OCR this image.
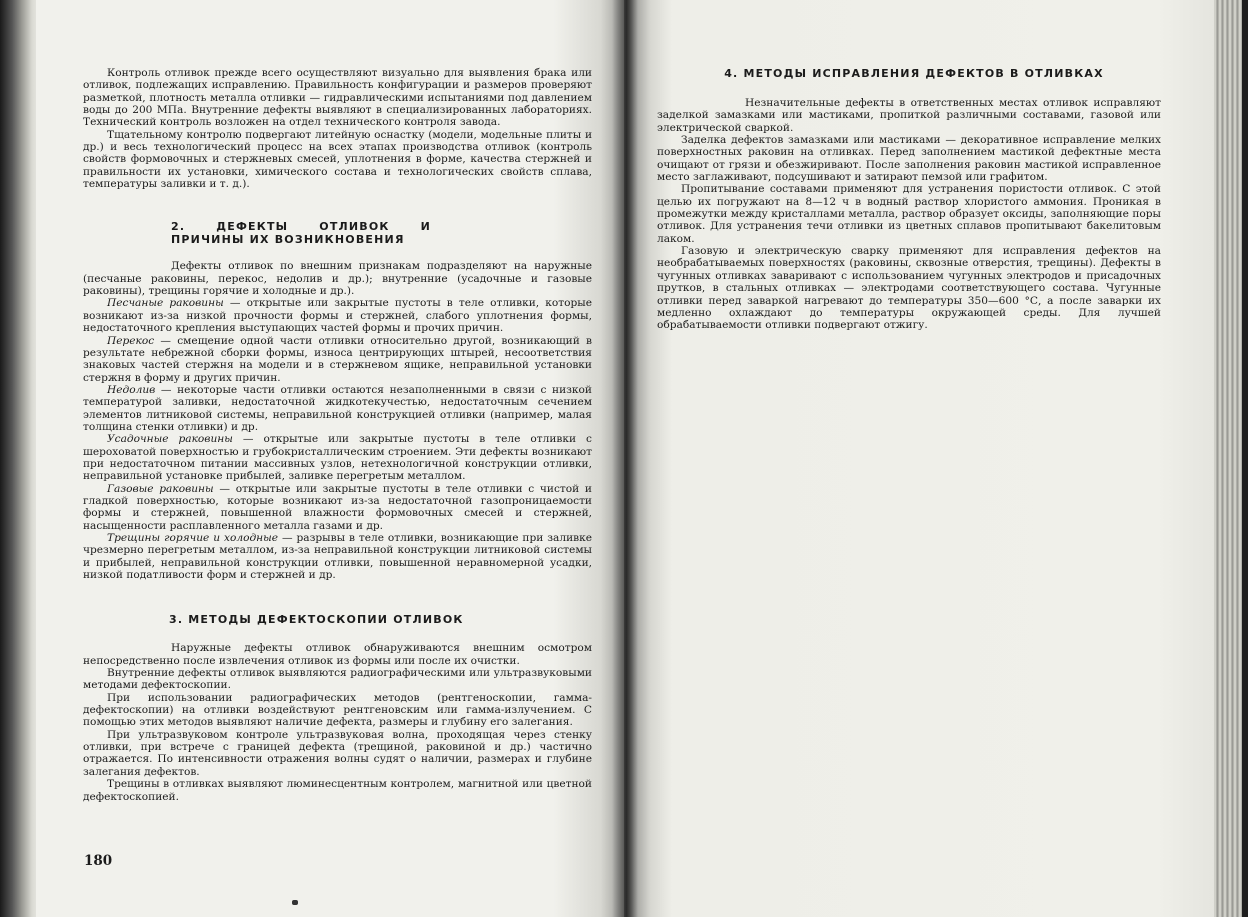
Контроль отливок прежде всего осуществляют визуально для выявления брака или отливок, подлежащих исправлению. Правильность конфигурации и размеров проверяют разметкой, плотность металла отливки — гидравлическими испытаниями под давлением воды до 200 МПа. Внутренние дефекты выявляют в специализированных лабораториях. Технический контроль возложен на отдел технического контроля завода.

Тщательному контролю подвергают литейную оснастку (модели, модельные плиты и др.) и весь технологический процесс на всех этапах производства отливок (контроль свойств формовочных и стержневых смесей, уплотнения в форме, качества стержней и правильности их установки, химического состава и технологических свойств сплава, температуры заливки и т. д.).

2. ДЕФЕКТЫ ОТЛИВОК И ПРИЧИНЫ ИХ ВОЗНИКНОВЕНИЯ

Дефекты отливок по внешним признакам подразделяют на наружные (песчаные раковины, перекос, недолив и др.); внутренние (усадочные и газовые раковины), трещины горячие и холодные и др.).

Песчаные раковины — открытые или закрытые пустоты в теле отливки, которые возникают из-за низкой прочности формы и стержней, слабого уплотнения формы, недостаточного крепления выступающих частей формы и прочих причин.

Перекос — смещение одной части отливки относительно другой, возникающий в результате небрежной сборки формы, износа центрирующих штырей, несоответствия знаковых частей стержня на модели и в стержневом ящике, неправильной установки стержня в форму и других причин.

Недолив — некоторые части отливки остаются незаполненными в связи с низкой температурой заливки, недостаточной жидкотекучестью, недостаточным сечением элементов литниковой системы, неправильной конструкцией отливки (например, малая толщина стенки отливки) и др.

Усадочные раковины — открытые или закрытые пустоты в теле отливки с шероховатой поверхностью и грубокристаллическим строением. Эти дефекты возникают при недостаточном питании массивных узлов, нетехнологичной конструкции отливки, неправильной установке прибылей, заливке перегретым металлом.

Газовые раковины — открытые или закрытые пустоты в теле отливки с чистой и гладкой поверхностью, которые возникают из-за недостаточной газопроницаемости формы и стержней, повышенной влажности формовочных смесей и стержней, насыщенности расплавленного металла газами и др.

Трещины горячие и холодные — разрывы в теле отливки, возникающие при заливке чрезмерно перегретым металлом, из-за неправильной конструкции литниковой системы и прибылей, неправильной конструкции отливки, повышенной неравномерной усадки, низкой податливости форм и стержней и др.

3. МЕТОДЫ ДЕФЕКТОСКОПИИ ОТЛИВОК

Наружные дефекты отливок обнаруживаются внешним осмотром непосредственно после извлечения отливок из формы или после их очистки.

Внутренние дефекты отливок выявляются радиографическими или ультразвуковыми методами дефектоскопии.

При использовании радиографических методов (рентгеноскопии, гамма-дефектоскопии) на отливки воздействуют рентгеновским или гамма-излучением. С помощью этих методов выявляют наличие дефекта, размеры и глубину его залегания.

При ультразвуковом контроле ультразвуковая волна, проходящая через стенку отливки, при встрече с границей дефекта (трещиной, раковиной и др.) частично отражается. По интенсивности отражения волны судят о наличии, размерах и глубине залегания дефектов.

Трещины в отливках выявляют люминесцентным контролем, магнитной или цветной дефектоскопией.

180
4. МЕТОДЫ ИСПРАВЛЕНИЯ ДЕФЕКТОВ В ОТЛИВКАХ

Незначительные дефекты в ответственных местах отливок исправляют заделкой замазками или мастиками, пропиткой различными составами, газовой или электрической сваркой.

Заделка дефектов замазками или мастиками — декоративное исправление мелких поверхностных раковин на отливках. Перед заполнением мастикой дефектные места очищают от грязи и обезжиривают. После заполнения раковин мастикой исправленное место заглаживают, подсушивают и затирают пемзой или графитом.

Пропитывание составами применяют для устранения пористости отливок. С этой целью их погружают на 8—12 ч в водный раствор хлористого аммония. Проникая в промежутки между кристаллами металла, раствор образует оксиды, заполняющие поры отливок. Для устранения течи отливки из цветных сплавов пропитывают бакелитовым лаком.

Газовую и электрическую сварку применяют для исправления дефектов на необрабатываемых поверхностях (раковины, сквозные отверстия, трещины). Дефекты в чугунных отливках заваривают с использованием чугунных электродов и присадочных прутков, в стальных отливках — электродами соответствующего состава. Чугунные отливки перед заваркой нагревают до температуры 350—600 °С, а после заварки их медленно охлаждают до температуры окружающей среды. Для лучшей обрабатываемости отливки подвергают отжигу.
